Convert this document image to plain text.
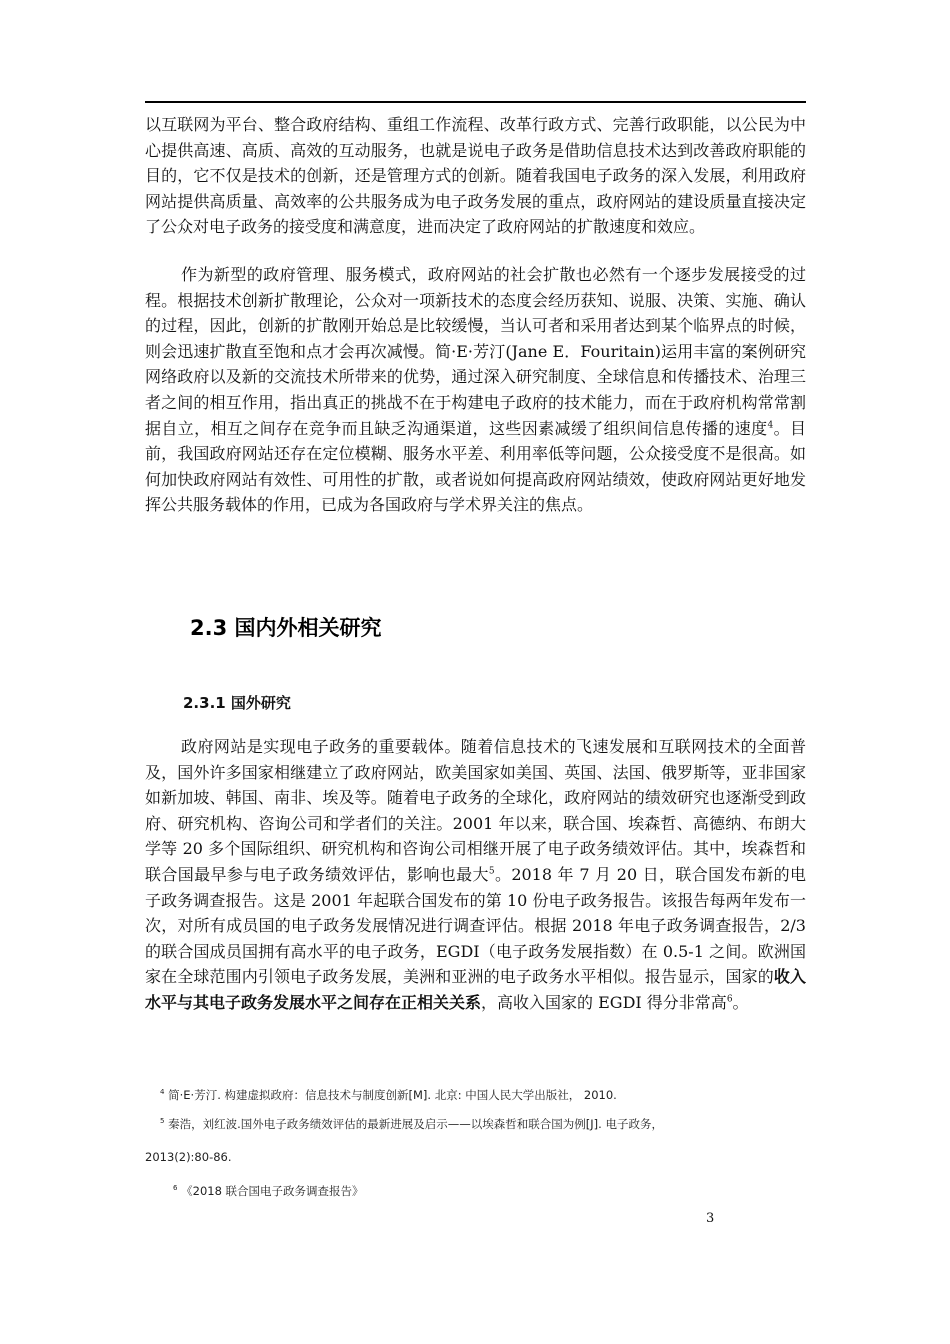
以互联网为平台、整合政府结构、重组工作流程、改革行政方式、完善行政职能，以公民为中心提供高速、高质、高效的互动服务，也就是说电子政务是借助信息技术达到改善政府职能的目的，它不仅是技术的创新，还是管理方式的创新。随着我国电子政务的深入发展，利用政府网站提供高质量、高效率的公共服务成为电子政务发展的重点，政府网站的建设质量直接决定了公众对电子政务的接受度和满意度，进而决定了政府网站的扩散速度和效应。

作为新型的政府管理、服务模式，政府网站的社会扩散也必然有一个逐步发展接受的过程。根据技术创新扩散理论，公众对一项新技术的态度会经历获知、说服、决策、实施、确认的过程，因此，创新的扩散刚开始总是比较缓慢，当认可者和采用者达到某个临界点的时候，则会迅速扩散直至饱和点才会再次减慢。简·E·芳汀(Jane E．Fouritain)运用丰富的案例研究网络政府以及新的交流技术所带来的优势，通过深入研究制度、全球信息和传播技术、治理三者之间的相互作用，指出真正的挑战不在于构建电子政府的技术能力，而在于政府机构常常割据自立，相互之间存在竞争而且缺乏沟通渠道，这些因素减缓了组织间信息传播的速度$^4$。目前，我国政府网站还存在定位模糊、服务水平差、利用率低等问题，公众接受度不是很高。如何加快政府网站有效性、可用性的扩散，或者说如何提高政府网站绩效，使政府网站更好地发挥公共服务载体的作用，已成为各国政府与学术界关注的焦点。

2.3 国内外相关研究
2.3.1 国外研究

政府网站是实现电子政务的重要载体。随着信息技术的飞速发展和互联网技术的全面普及，国外许多国家相继建立了政府网站，欧美国家如美国、英国、法国、俄罗斯等，亚非国家如新加坡、韩国、南非、埃及等。随着电子政务的全球化，政府网站的绩效研究也逐渐受到政府、研究机构、咨询公司和学者们的关注。2001 年以来，联合国、埃森哲、高德纳、布朗大学等 20 多个国际组织、研究机构和咨询公司相继开展了电子政务绩效评估。其中，埃森哲和联合国最早参与电子政务绩效评估，影响也最大$^5$。2018 年 7 月 20 日，联合国发布新的电子政务调查报告。这是 2001 年起联合国发布的第 10 份电子政务报告。该报告每两年发布一次，对所有成员国的电子政务发展情况进行调查评估。根据 2018 年电子政务调查报告，2/3 的联合国成员国拥有高水平的电子政务，EGDI（电子政务发展指数）在 0.5-1 之间。欧洲国家在全球范围内引领电子政务发展，美洲和亚洲的电子政务水平相似。报告显示，国家的收入水平与其电子政务发展水平之间存在正相关关系，高收入国家的 EGDI 得分非常高$^6$。

$^4$ 简·E·芳汀. 构建虚拟政府：信息技术与制度创新[M]. 北京: 中国人民大学出版社， 2010.

$^5$ 秦浩，刘红波.国外电子政务绩效评估的最新进展及启示——以埃森哲和联合国为例[J]. 电子政务，

2013(2):80-86.

$^6$ 《2018 联合国电子政务调查报告》

3
